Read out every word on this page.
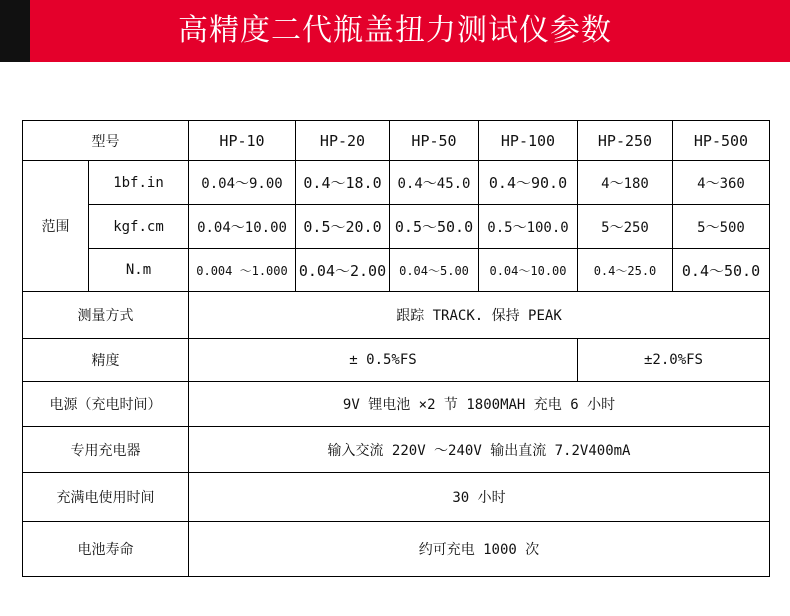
高精度二代瓶盖扭力测试仪参数
型号		HP-10	HP-20	HP-50	HP-100	HP-250	HP-500
范围	1bf.in	0.04～9.00	0.4～18.0	0.4～45.0	0.4～90.0	4～180	4～360
	kgf.cm	0.04～10.00	0.5～20.0	0.5～50.0	0.5～100.0	5～250	5～500
	N.m	0.004 ～1.000	0.04～2.00	0.04～5.00	0.04～10.00	0.4～25.0	0.4～50.0
测量方式		跟踪 TRACK. 保持 PEAK					
精度		± 0.5%FS				±2.0%FS	
电源（充电时间）		9V 锂电池 ×2 节 1800MAH 充电 6 小时					
专用充电器		输入交流 220V ～240V 输出直流 7.2V400mA					
充满电使用时间		30 小时					
电池寿命		约可充电 1000 次					
